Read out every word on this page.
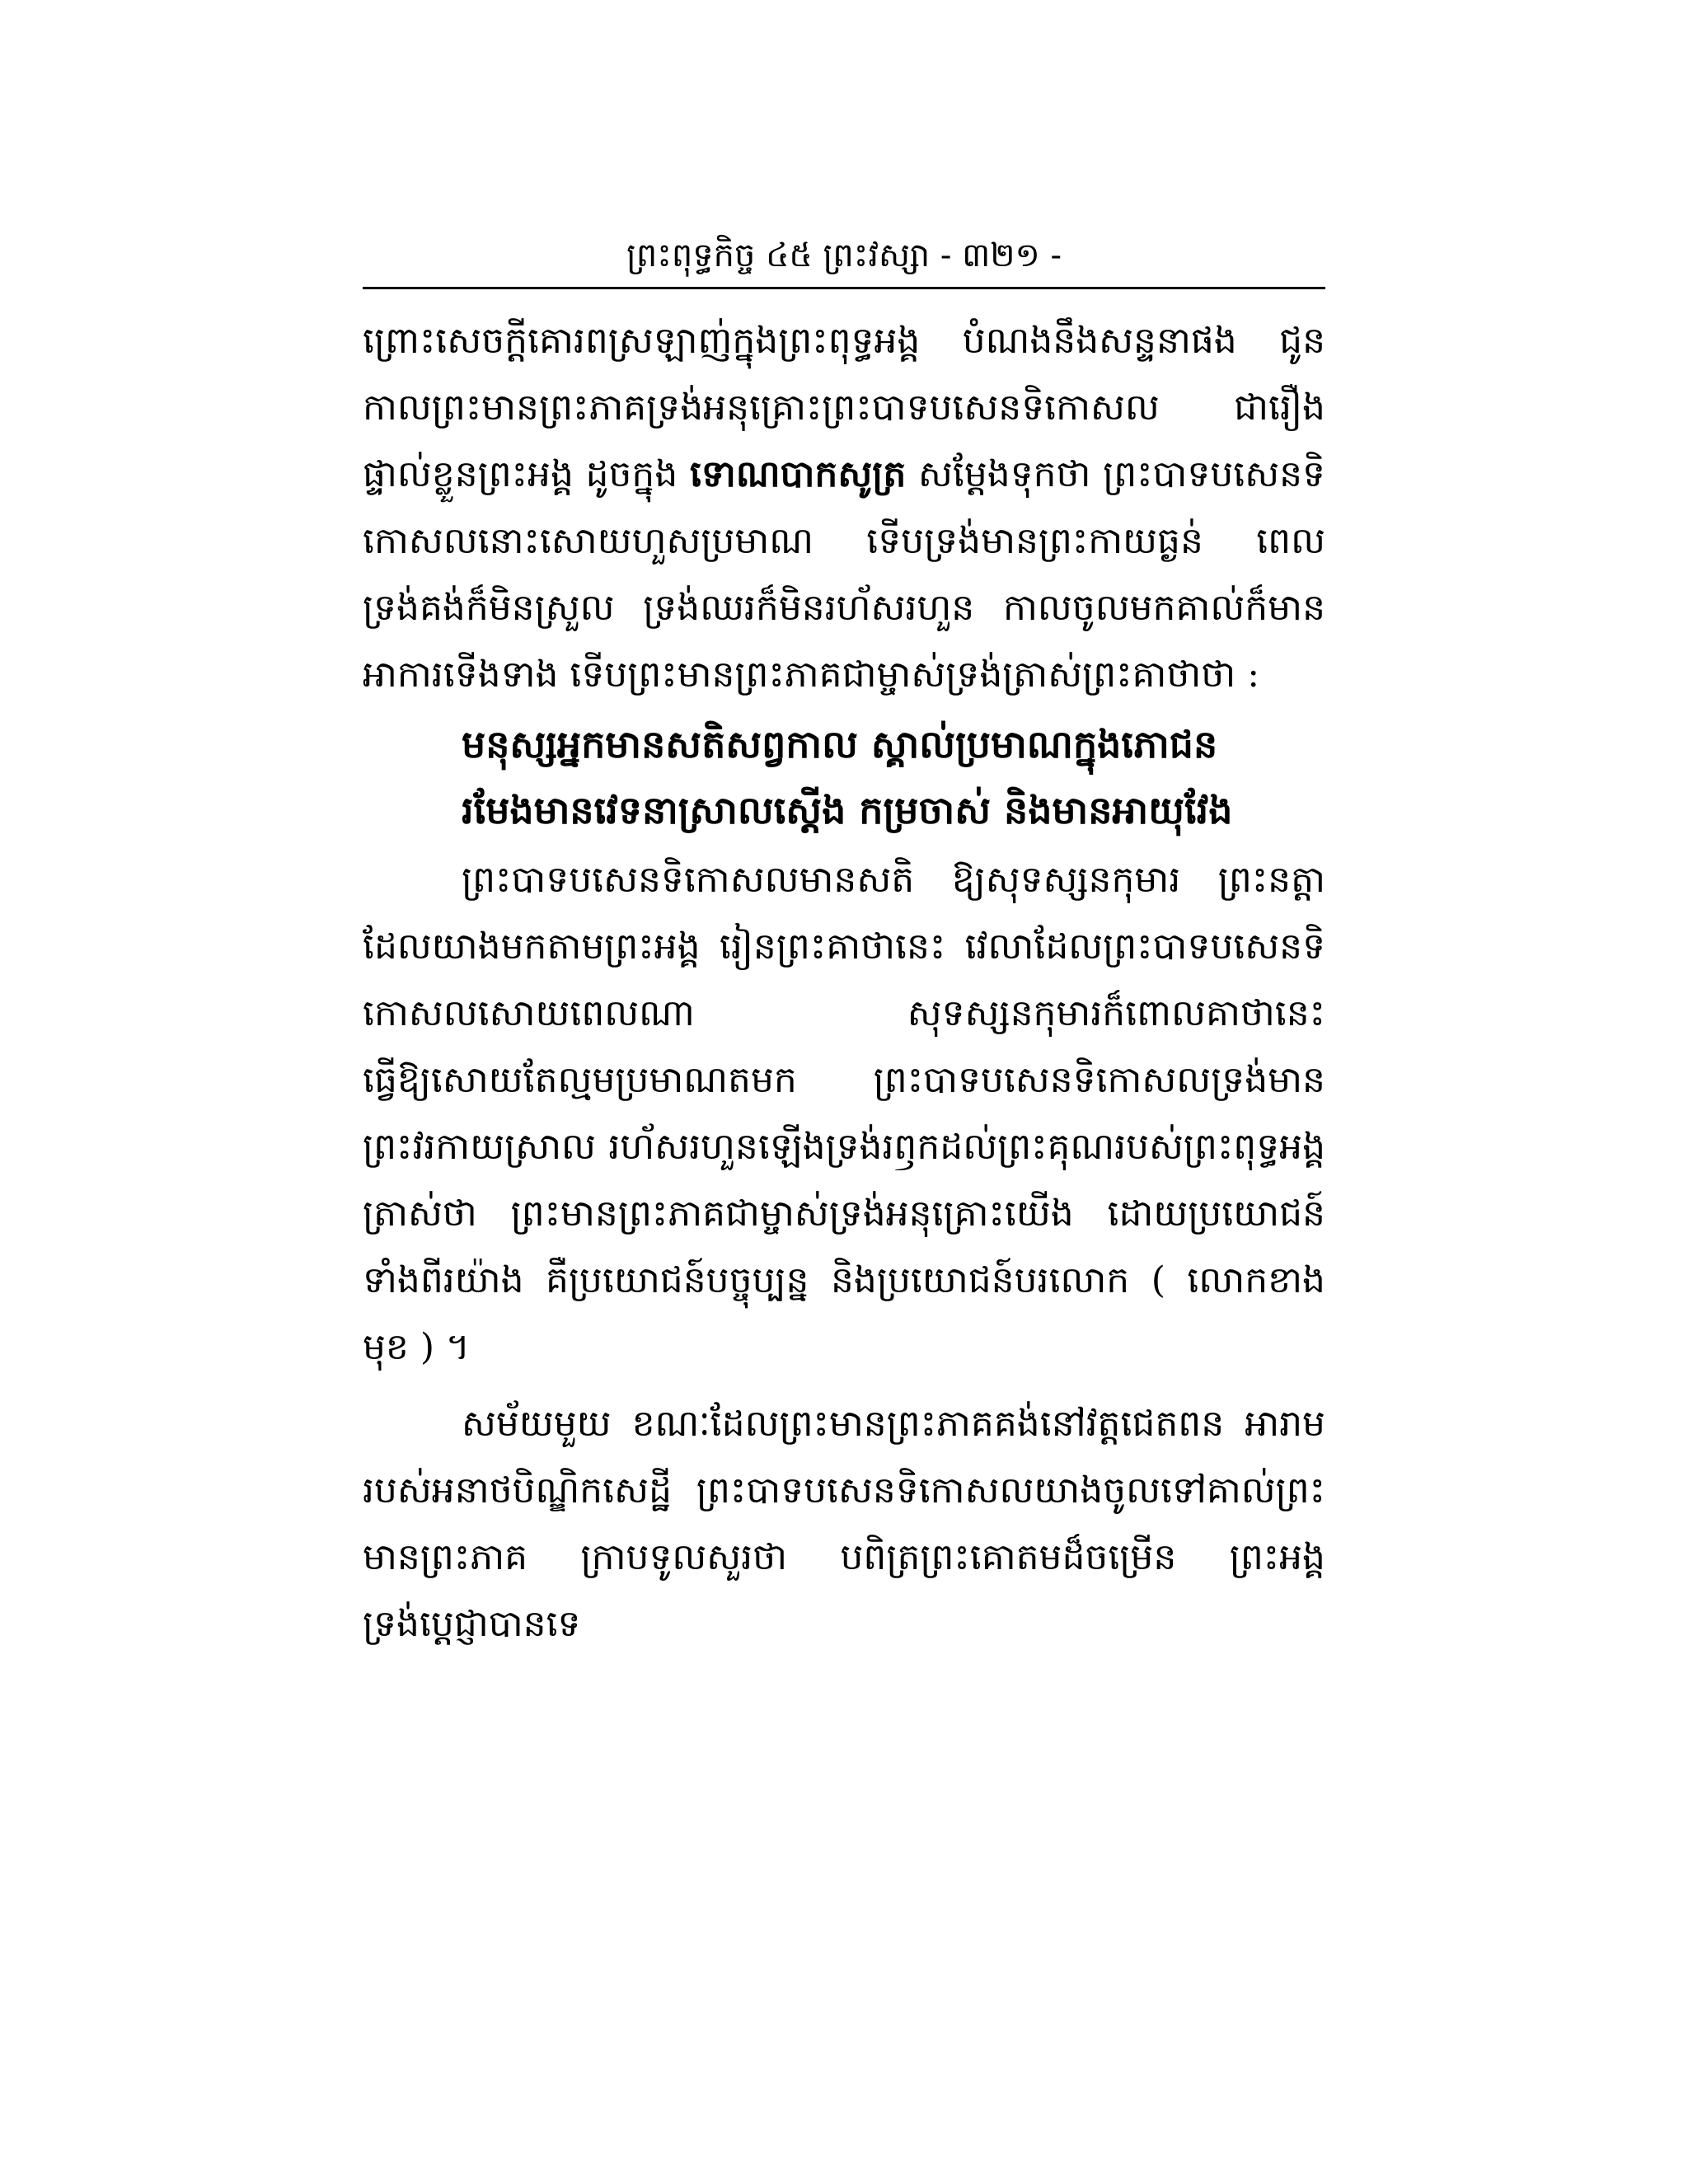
ព្រះពុទ្ធកិច្ច ៤៥ ព្រះវស្សា - ៣២១ -

ព្រោះសេចក្តីគោរពស្រឡាញ់ក្នុងព្រះពុទ្ធអង្គ បំណងនឹងសន្ទនាផង ជូនកាលព្រះមានព្រះភាគទ្រង់អនុគ្រោះព្រះបាទបសេនទិកោសល ជារឿងផ្ទាល់ខ្លួនព្រះអង្គ ដូចក្នុង ទោណបាកសូត្រ សម្តែងទុកថា ព្រះបាទបសេនទិកោសលនោះសោយហួសប្រមាណ ទើបទ្រង់មានព្រះកាយធ្ងន់ ពេលទ្រង់គង់ក៏មិនស្រួល ទ្រង់ឈរក៏មិនរហ័សរហួន កាលចូលមកគាល់ក៏មានអាការទើងទាង ទើបព្រះមានព្រះភាគជាម្ចាស់ទ្រង់ត្រាស់ព្រះគាថាថា :

មនុស្សអ្នកមានសតិសព្វកាល ស្គាល់ប្រមាណក្នុងភោជន
រមែងមានវេទនាស្រាលស្តើង កម្រចាស់ និងមានអាយុវែង

ព្រះបាទបសេនទិកោសលមានសតិ ឱ្យសុទស្សនកុមារ ព្រះនត្តាដែលយាងមកតាមព្រះអង្គ រៀនព្រះគាថានេះ វេលាដែលព្រះបាទបសេនទិកោសលសោយពេលណា សុទស្សនកុមារក៏ពោលគាថានេះ ធ្វើឱ្យសោយតែល្មមប្រមាណតមក ព្រះបាទបសេនទិកោសលទ្រង់មានព្រះវរកាយស្រាល រហ័សរហួនឡើងទ្រង់រឭកដល់ព្រះគុណរបស់ព្រះពុទ្ធអង្គ ត្រាស់ថា ព្រះមានព្រះភាគជាម្ចាស់ទ្រង់អនុគ្រោះយើង ដោយប្រយោជន៍ទាំងពីរយ៉ាង គឺប្រយោជន៍បច្ចុប្បន្ន និងប្រយោជន៍បរលោក ( លោកខាងមុខ ) ។

សម័យមួយ ខណៈដែលព្រះមានព្រះភាគគង់នៅវត្តជេតពន អារាមរបស់អនាថបិណ្ឌិកសេដ្ឋី ព្រះបាទបសេនទិកោសលយាងចូលទៅគាល់ព្រះមានព្រះភាគ ក្រាបទូលសួរថា បពិត្រព្រះគោតមដ៏ចម្រើន ព្រះអង្គទ្រង់ប្តេជ្ញាបានទេ
